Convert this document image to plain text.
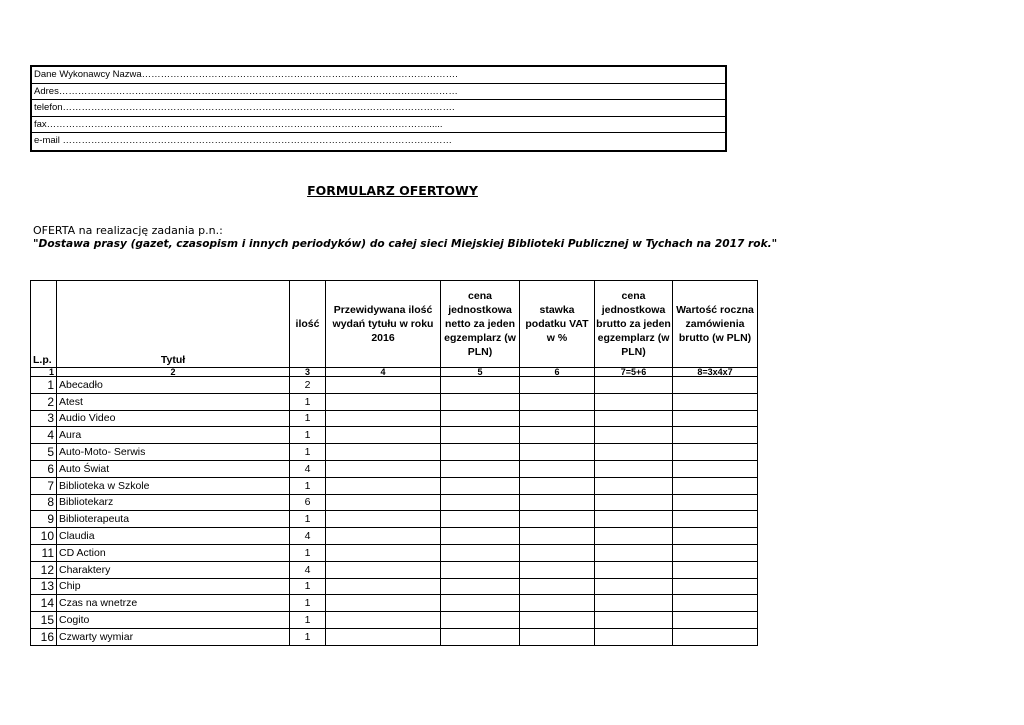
Dane Wykonawcy Nazwa……………………………………………………………………………………….
Adres………………………………………………………………………………………………………………
telefon…………………………………………………………………………………………………………….
fax…………………………………………………………………………………………………………......
e-mail ……………………………………………………………………………………………………………
FORMULARZ OFERTOWY
OFERTA na realizację zadania p.n.:
"Dostawa prasy (gazet, czasopism i innych periodyków) do całej sieci Miejskiej Biblioteki Publicznej w Tychach na 2017 rok."
L.p.	Tytuł	ilość	Przewidywana ilość wydań tytułu w roku 2016	cena jednostkowa netto za jeden egzemplarz (w PLN)	stawka podatku VAT w %	cena jednostkowa brutto za jeden egzemplarz (w PLN)	Wartość roczna zamówienia brutto (w PLN)
1	2	3	4	5	6	7=5+6	8=3x4x7
1	Abecadło	2					
2	Atest	1					
3	Audio Video	1					
4	Aura	1					
5	Auto-Moto- Serwis	1					
6	Auto Świat	4					
7	Biblioteka w Szkole	1					
8	Bibliotekarz	6					
9	Biblioterapeuta	1					
10	Claudia	4					
11	CD Action	1					
12	Charaktery	4					
13	Chip	1					
14	Czas na wnetrze	1					
15	Cogito	1					
16	Czwarty wymiar	1					
